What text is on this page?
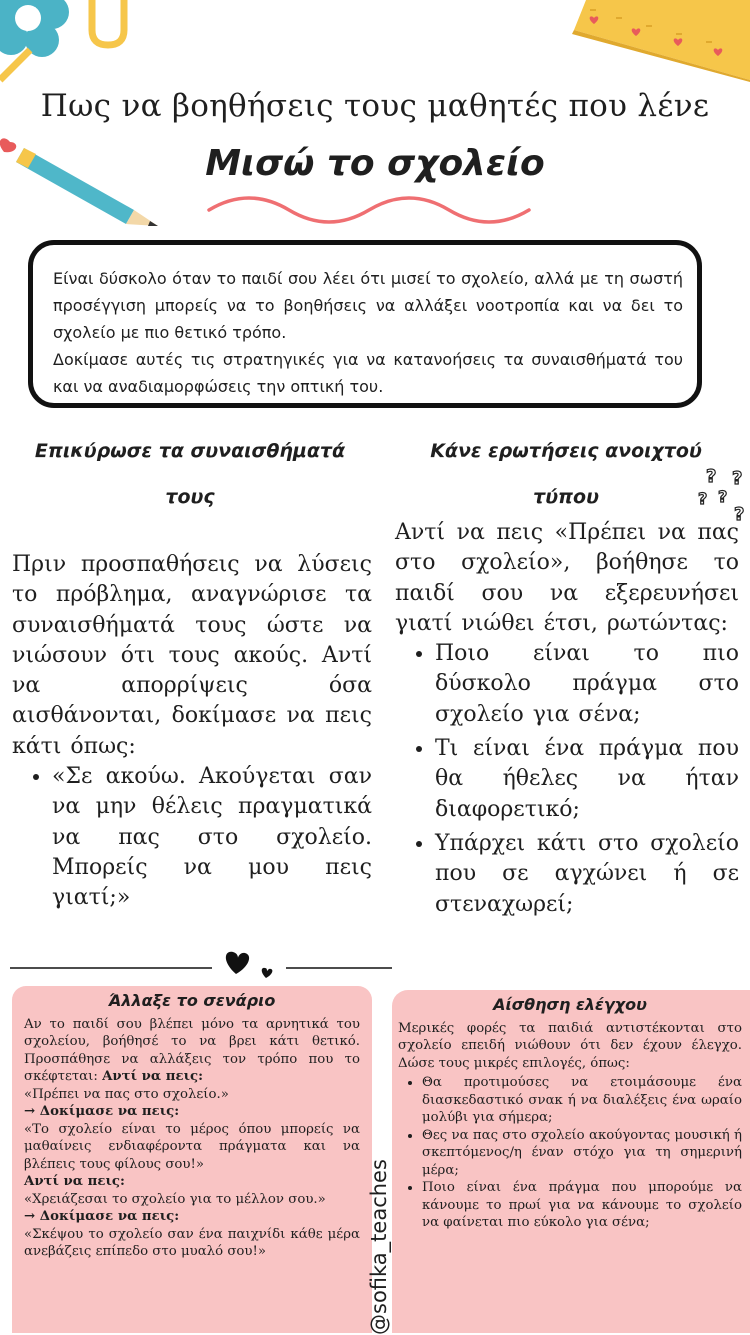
? ?
?
?
?
Πως να βοηθήσεις τους μαθητές που λένε
Μισώ το σχολείο
Είναι δύσκολο όταν το παιδί σου λέει ότι μισεί το σχολείο, αλλά με τη σωστή προσέγγιση μπορείς να το βοηθήσεις να αλλάξει νοοτροπία και να δει το σχολείο με πιο θετικό τρόπο.
Δοκίμασε αυτές τις στρατηγικές για να κατανοήσεις τα συναισθήματά του και να αναδιαμορφώσεις την οπτική του.
Επικύρωσε τα συναισθήματά τους
Πριν προσπαθήσεις να λύσεις το πρόβλημα, αναγνώρισε τα συναισθήματά τους ώστε να νιώσουν ότι τους ακούς. Αντί να απορρίψεις όσα αισθάνονται, δοκίμασε να πεις κάτι όπως:
• «Σε ακούω. Ακούγεται σαν να μην θέλεις πραγματικά να πας στο σχολείο. Μπορείς να μου πεις γιατί;»
Κάνε ερωτήσεις ανοιχτού τύπου
Αντί να πεις «Πρέπει να πας στο σχολείο», βοήθησε το παιδί σου να εξερευνήσει γιατί νιώθει έτσι, ρωτώντας:
• Ποιο είναι το πιο δύσκολο πράγμα στο σχολείο για σένα;
• Τι είναι ένα πράγμα που θα ήθελες να ήταν διαφορετικό;
• Υπάρχει κάτι στο σχολείο που σε αγχώνει ή σε στεναχωρεί;
Άλλαξε το σενάριο
Αν το παιδί σου βλέπει μόνο τα αρνητικά του σχολείου, βοήθησέ το να βρει κάτι θετικό. Προσπάθησε να αλλάξεις τον τρόπο που το σκέφτεται: Αντί να πεις:
«Πρέπει να πας στο σχολείο.»
→ Δοκίμασε να πεις:
«Το σχολείο είναι το μέρος όπου μπορείς να μαθαίνεις ενδιαφέροντα πράγματα και να βλέπεις τους φίλους σου!»
Αντί να πεις:
«Χρειάζεσαι το σχολείο για το μέλλον σου.»
→ Δοκίμασε να πεις:
«Σκέψου το σχολείο σαν ένα παιχνίδι κάθε μέρα ανεβάζεις επίπεδο στο μυαλό σου!»
Αίσθηση ελέγχου
Μερικές φορές τα παιδιά αντιστέκονται στο σχολείο επειδή νιώθουν ότι δεν έχουν έλεγχο. Δώσε τους μικρές επιλογές, όπως:
• Θα προτιμούσες να ετοιμάσουμε ένα διασκεδαστικό σνακ ή να διαλέξεις ένα ωραίο μολύβι για σήμερα;
• Θες να πας στο σχολείο ακούγοντας μουσική ή σκεπτόμενος/η έναν στόχο για τη σημερινή μέρα;
• Ποιο είναι ένα πράγμα που μπορούμε να κάνουμε το πρωί για να κάνουμε το σχολείο να φαίνεται πιο εύκολο για σένα;
@sofika_teaches
